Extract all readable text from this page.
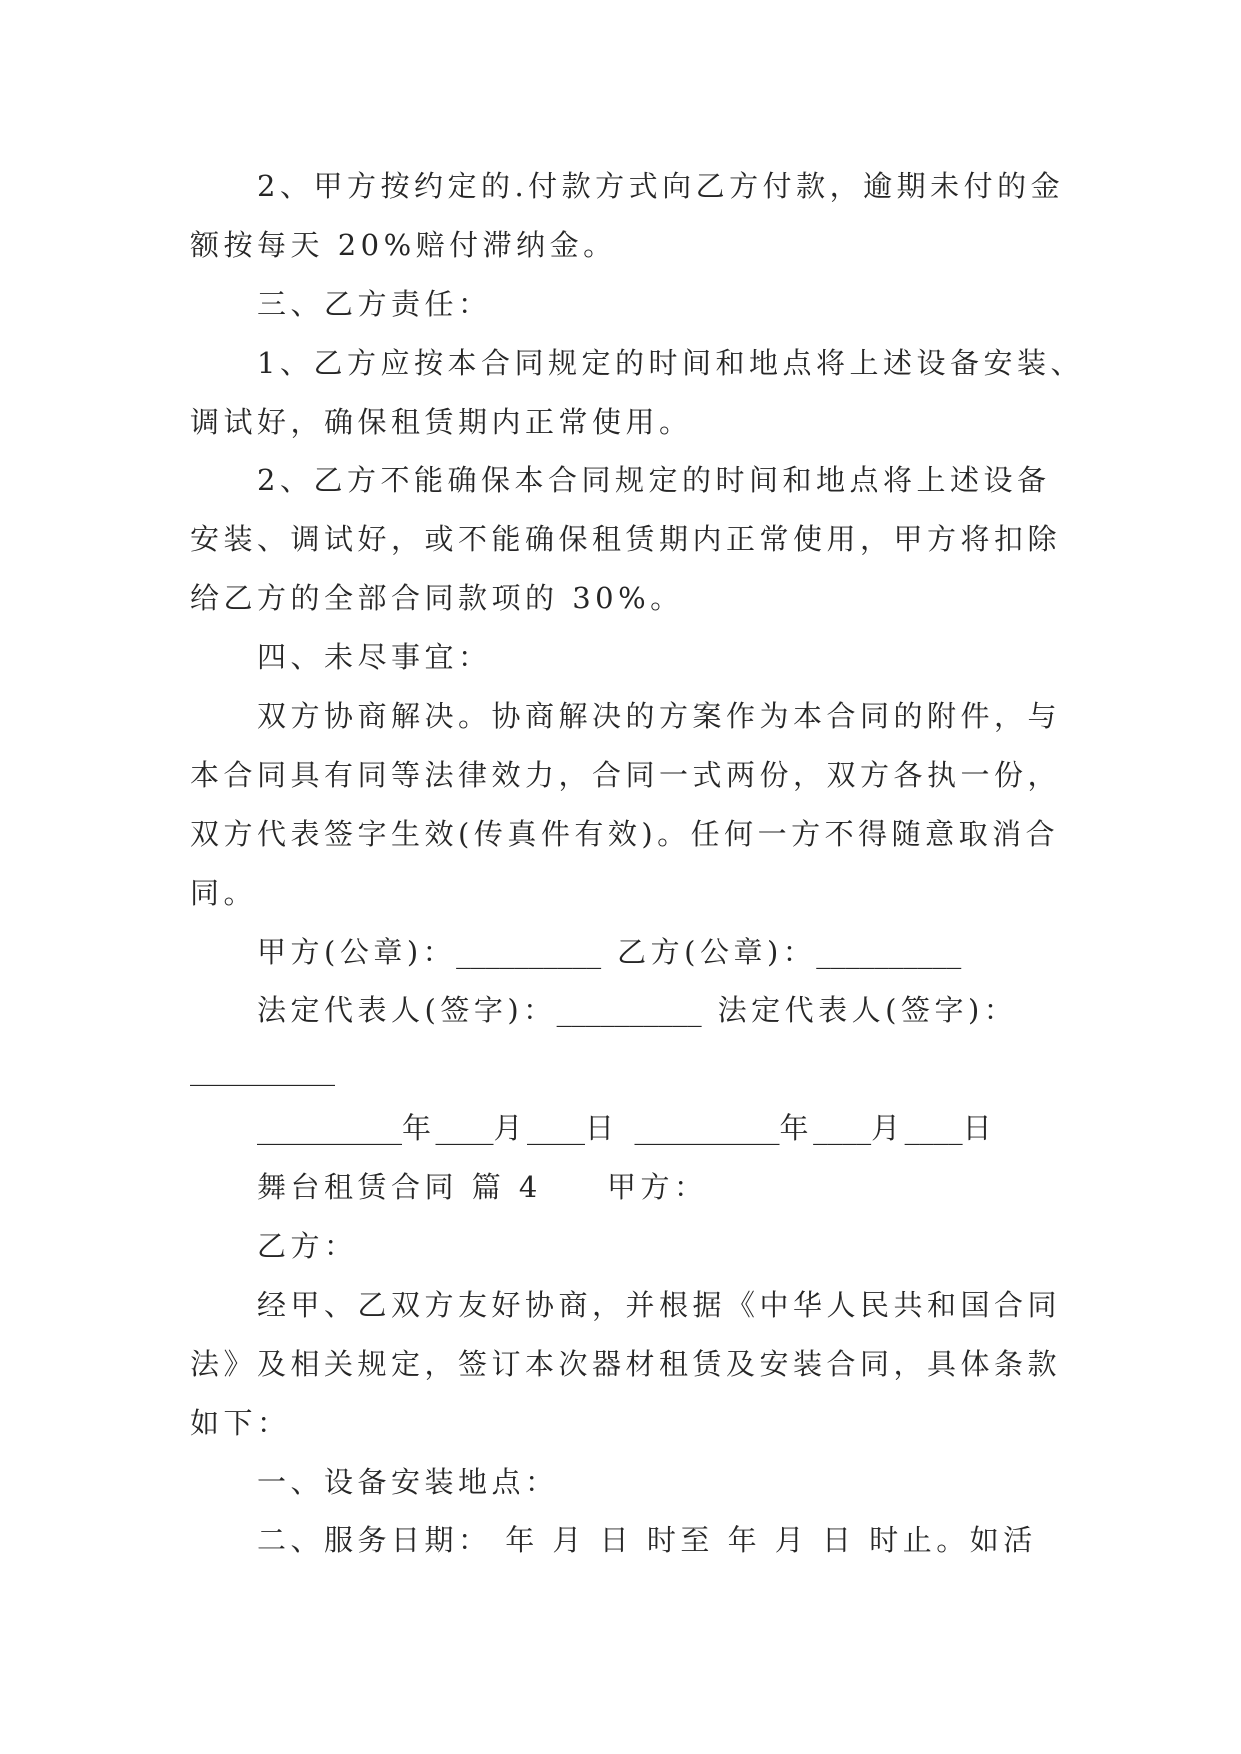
2、甲方按约定的.付款方式向乙方付款，逾期未付的金
额按每天 20%赔付滞纳金。
三、乙方责任：
1、乙方应按本合同规定的时间和地点将上述设备安装、
调试好，确保租赁期内正常使用。
2、乙方不能确保本合同规定的时间和地点将上述设备
安装、调试好，或不能确保租赁期内正常使用，甲方将扣除
给乙方的全部合同款项的 30%。
四、未尽事宜：
双方协商解决。协商解决的方案作为本合同的附件，与
本合同具有同等法律效力，合同一式两份，双方各执一份，
双方代表签字生效(传真件有效)。任何一方不得随意取消合
同。
甲方(公章)：__________ 乙方(公章)：__________
法定代表人(签字)：__________ 法定代表人(签字)：
__________
__________年____月____日 __________年____月____日
舞台租赁合同 篇 4 甲方：
乙方：
经甲、乙双方友好协商，并根据《中华人民共和国合同
法》及相关规定，签订本次器材租赁及安装合同，具体条款
如下：
一、设备安装地点：
二、服务日期： 年 月 日 时至 年 月 日 时止。如活
